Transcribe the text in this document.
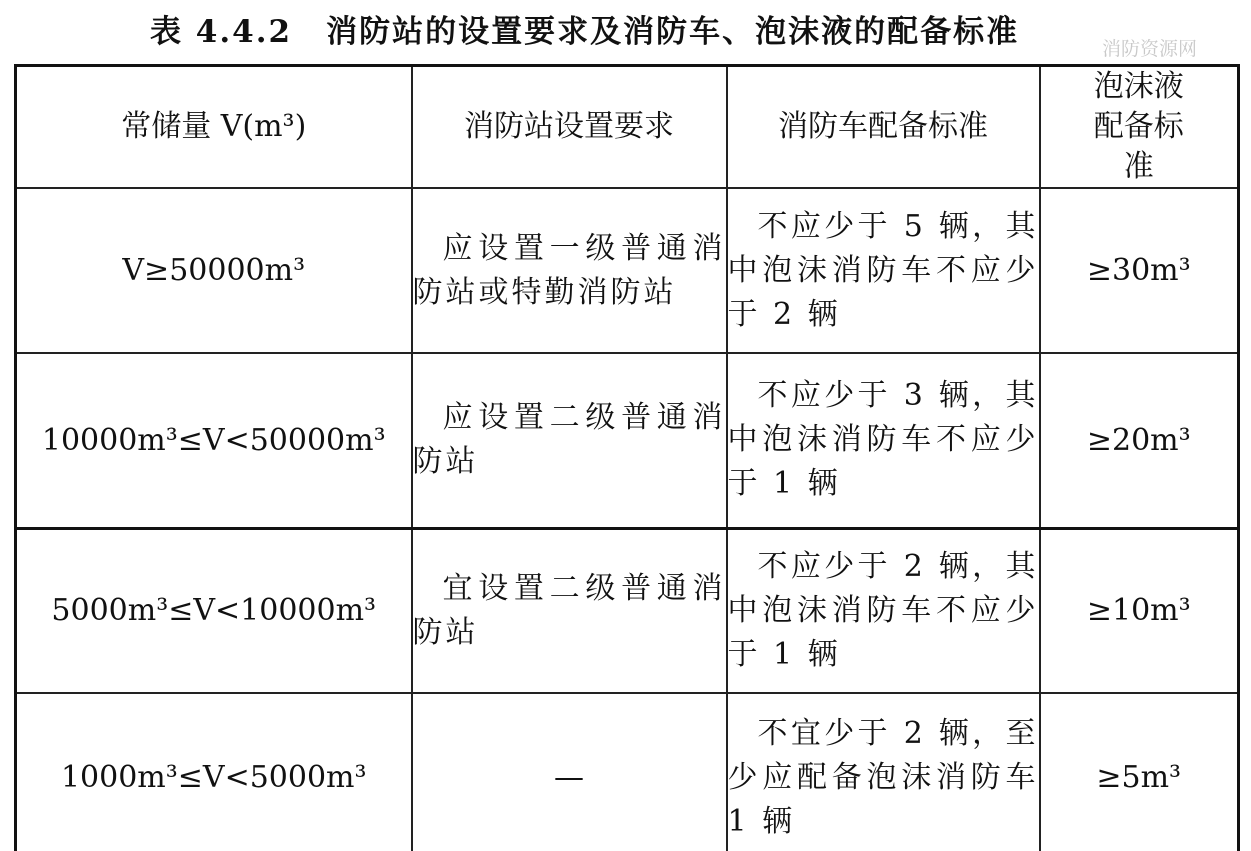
表 4.4.2 消防站的设置要求及消防车、泡沫液的配备标准	消防资源网
常储量 V(m³)	消防站设置要求	消防车配备标准	泡沫液配备标准
V≥50000m³	应设置一级普通消防站或特勤消防站	不应少于 5 辆，其中泡沫消防车不应少于 2 辆	≥30m³
10000m³≤V<50000m³	应设置二级普通消防站	不应少于 3 辆，其中泡沫消防车不应少于 1 辆	≥20m³
5000m³≤V<10000m³	宜设置二级普通消防站	不应少于 2 辆，其中泡沫消防车不应少于 1 辆	≥10m³
1000m³≤V<5000m³	—	不宜少于 2 辆，至少应配备泡沫消防车 1 辆	≥5m³
